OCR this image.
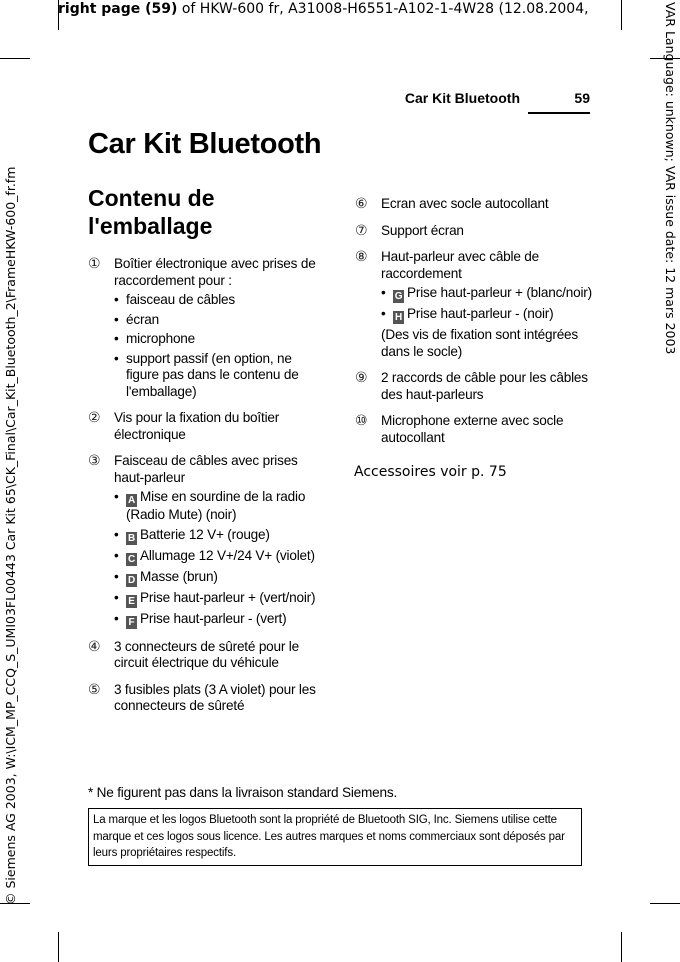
right page (59) of HKW-600 fr, A31008-H6551-A102-1-4W28 (12.08.2004,
© Siemens AG 2003, W:\ICM_MP_CCQ_S_UMI03FL00443 Car Kit 65\CK_Final\Car_Kit_Bluetooth_2\FrameHKW-600_fr.fm	VAR Language: unknown; VAR issue date: 12 mars 2003
Car Kit Bluetooth	59
Car Kit Bluetooth
Contenu de l'emballage
①	Boîtier électronique avec prises de raccordement pour :
• faisceau de câbles
• écran
• microphone
• support passif (en option, ne figure pas dans le contenu de l'emballage)
②	Vis pour la fixation du boîtier électronique
③	Faisceau de câbles avec prises haut-parleur
• A Mise en sourdine de la radio (Radio Mute) (noir)
• B Batterie 12 V+ (rouge)
• C Allumage 12 V+/24 V+ (violet)
• D Masse (brun)
• E Prise haut-parleur + (vert/noir)
• F Prise haut-parleur - (vert)
④	3 connecteurs de sûreté pour le circuit électrique du véhicule
⑤	3 fusibles plats (3 A violet) pour les connecteurs de sûreté
⑥	Ecran avec socle autocollant
⑦	Support écran
⑧	Haut-parleur avec câble de raccordement
• G Prise haut-parleur + (blanc/noir)
• H Prise haut-parleur - (noir)
(Des vis de fixation sont intégrées dans le socle)
⑨	2 raccords de câble pour les câbles des haut-parleurs
⑩	Microphone externe avec socle autocollant
Accessoires voir p. 75
* Ne figurent pas dans la livraison standard Siemens.
La marque et les logos Bluetooth sont la propriété de Bluetooth SIG, Inc. Siemens utilise cette marque et ces logos sous licence. Les autres marques et noms commerciaux sont déposés par leurs propriétaires respectifs.
